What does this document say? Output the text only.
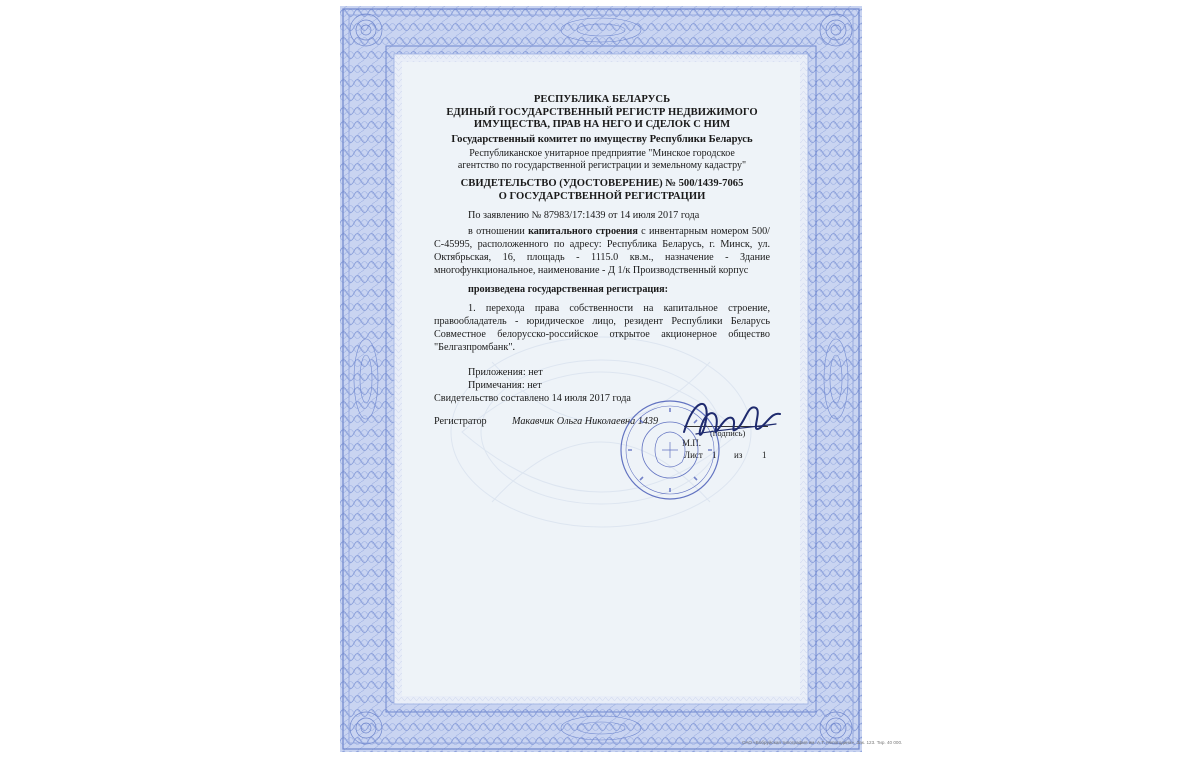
РЕСПУБЛИКА БЕЛАРУСЬ
ЕДИНЫЙ ГОСУДАРСТВЕННЫЙ РЕГИСТР НЕДВИЖИМОГО
ИМУЩЕСТВА, ПРАВ НА НЕГО И СДЕЛОК С НИМ
Государственный комитет по имуществу Республики Беларусь
Республиканское унитарное предприятие "Минское городское
агентство по государственной регистрации и земельному кадастру"
СВИДЕТЕЛЬСТВО (УДОСТОВЕРЕНИЕ) № 500/1439-7065
О ГОСУДАРСТВЕННОЙ РЕГИСТРАЦИИ
По заявлению № 87983/17:1439 от 14 июля 2017 года
в отношении капитального строения с инвентарным номером 500/С-45995, расположенного по адресу: Республика Беларусь, г. Минск, ул. Октябрьская, 16, площадь - 1115.0 кв.м., назначение - Здание многофункциональное, наименование - Д 1/к Производственный корпус
произведена государственная регистрация:
1. перехода права собственности на капитальное строение, правообладатель - юридическое лицо, резидент Республики Беларусь Совместное белорусско-российское открытое акционерное общество "Белгазпромбанк".
Приложения: нет
Примечания: нет
Свидетельство составлено 14 июля 2017 года
Регистратор Макавчик Ольга Николаевна 1439
(подпись)
М.П.
Лист 1 из 1
ОАО «Бобруйская типография им. А.Т. Непогодина». Зак. 123. Тир. 40 000.
